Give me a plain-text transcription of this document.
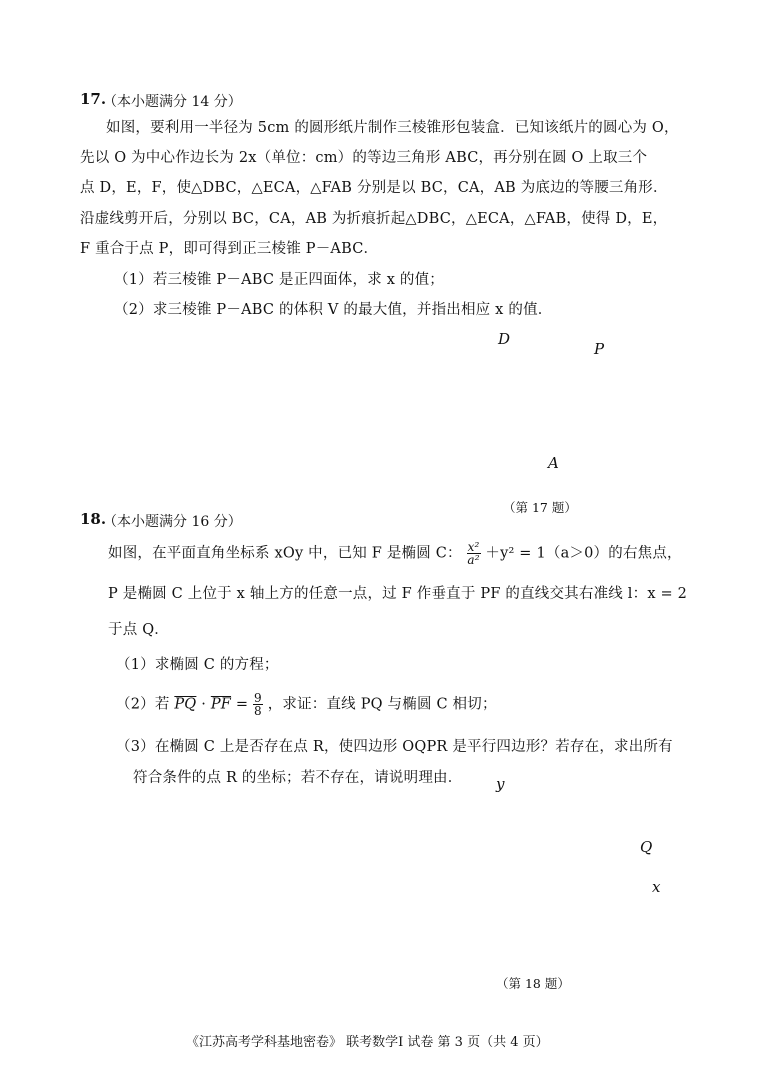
17.
（本小题满分 14 分）
如图，要利用一半径为 5cm 的圆形纸片制作三棱锥形包装盒．已知该纸片的圆心为 O，
先以 O 为中心作边长为 2x（单位：cm）的等边三角形 ABC，再分别在圆 O 上取三个
点 D，E，F，使△DBC，△ECA，△FAB 分别是以 BC，CA，AB 为底边的等腰三角形．
沿虚线剪开后，分别以 BC，CA，AB 为折痕折起△DBC，△ECA，△FAB，使得 D，E，
F 重合于点 P，即可得到正三棱锥 P－ABC．
（1）若三棱锥 P－ABC 是正四面体，求 x 的值；
（2）求三棱锥 P－ABC 的体积 V 的最大值，并指出相应 x 的值．
D
P
A
（第 17 题）
18.
（本小题满分 16 分）
如图，在平面直角坐标系 xOy 中，已知 F 是椭圆 C： $\frac{\text{x²}}{\text{a²}} +y^2 = 1(a>0)$的右焦点，
P 是椭圆 C 上位于 x 轴上方的任意一点，过 F 作垂直于 PF 的直线交其右准线 l：x = 2
于点 Q．
（1）求椭圆 C 的方程；
（2）若 $\overline{PQ} \cdot \overline{PF} = \frac{9}{8}$ ，求证：直线 PQ 与椭圆 C 相切；
（3）在椭圆 C 上是否存在点 R，使四边形 OQPR 是平行四边形？若存在，求出所有
符合条件的点 R 的坐标；若不存在，请说明理由． y
Q
x
（第 18 题）
《江苏高考学科基地密卷》 联考数学Ⅰ 试卷 第 3 页（共 4 页）
